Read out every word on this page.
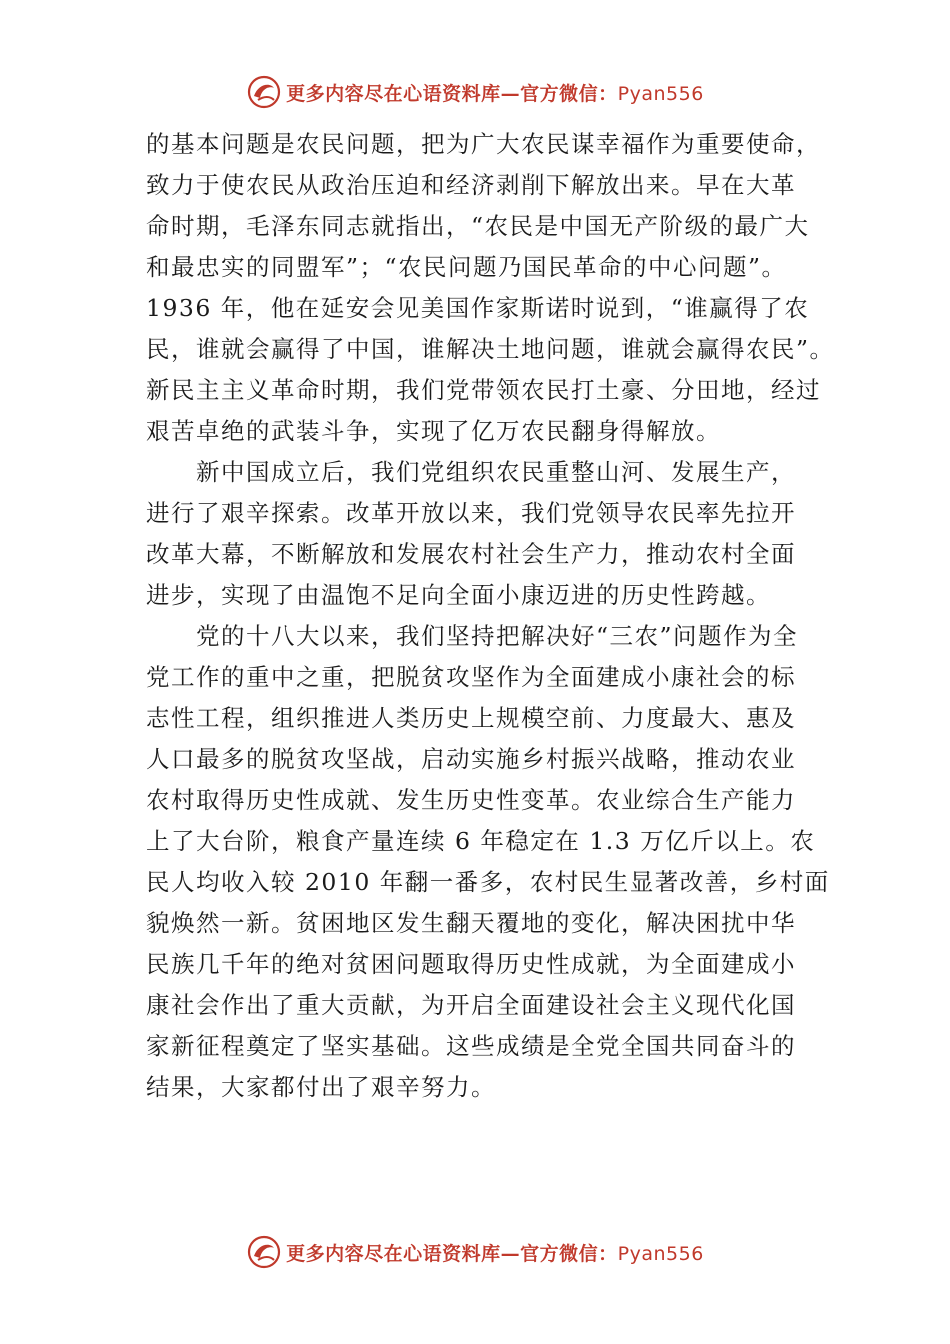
更多内容尽在心语资料库—官方微信：Pyan556

的基本问题是农民问题，把为广大农民谋幸福作为重要使命，
致力于使农民从政治压迫和经济剥削下解放出来。早在大革
命时期，毛泽东同志就指出，“农民是中国无产阶级的最广大
和最忠实的同盟军”；“农民问题乃国民革命的中心问题”。
1936 年，他在延安会见美国作家斯诺时说到，“谁赢得了农
民，谁就会赢得了中国，谁解决土地问题，谁就会赢得农民”。
新民主主义革命时期，我们党带领农民打土豪、分田地，经过
艰苦卓绝的武装斗争，实现了亿万农民翻身得解放。

新中国成立后，我们党组织农民重整山河、发展生产，
进行了艰辛探索。改革开放以来，我们党领导农民率先拉开
改革大幕，不断解放和发展农村社会生产力，推动农村全面
进步，实现了由温饱不足向全面小康迈进的历史性跨越。

党的十八大以来，我们坚持把解决好“三农”问题作为全
党工作的重中之重，把脱贫攻坚作为全面建成小康社会的标
志性工程，组织推进人类历史上规模空前、力度最大、惠及
人口最多的脱贫攻坚战，启动实施乡村振兴战略，推动农业
农村取得历史性成就、发生历史性变革。农业综合生产能力
上了大台阶，粮食产量连续 6 年稳定在 1.3 万亿斤以上。农
民人均收入较 2010 年翻一番多，农村民生显著改善，乡村面
貌焕然一新。贫困地区发生翻天覆地的变化，解决困扰中华
民族几千年的绝对贫困问题取得历史性成就，为全面建成小
康社会作出了重大贡献，为开启全面建设社会主义现代化国
家新征程奠定了坚实基础。这些成绩是全党全国共同奋斗的
结果，大家都付出了艰辛努力。

更多内容尽在心语资料库—官方微信：Pyan556
